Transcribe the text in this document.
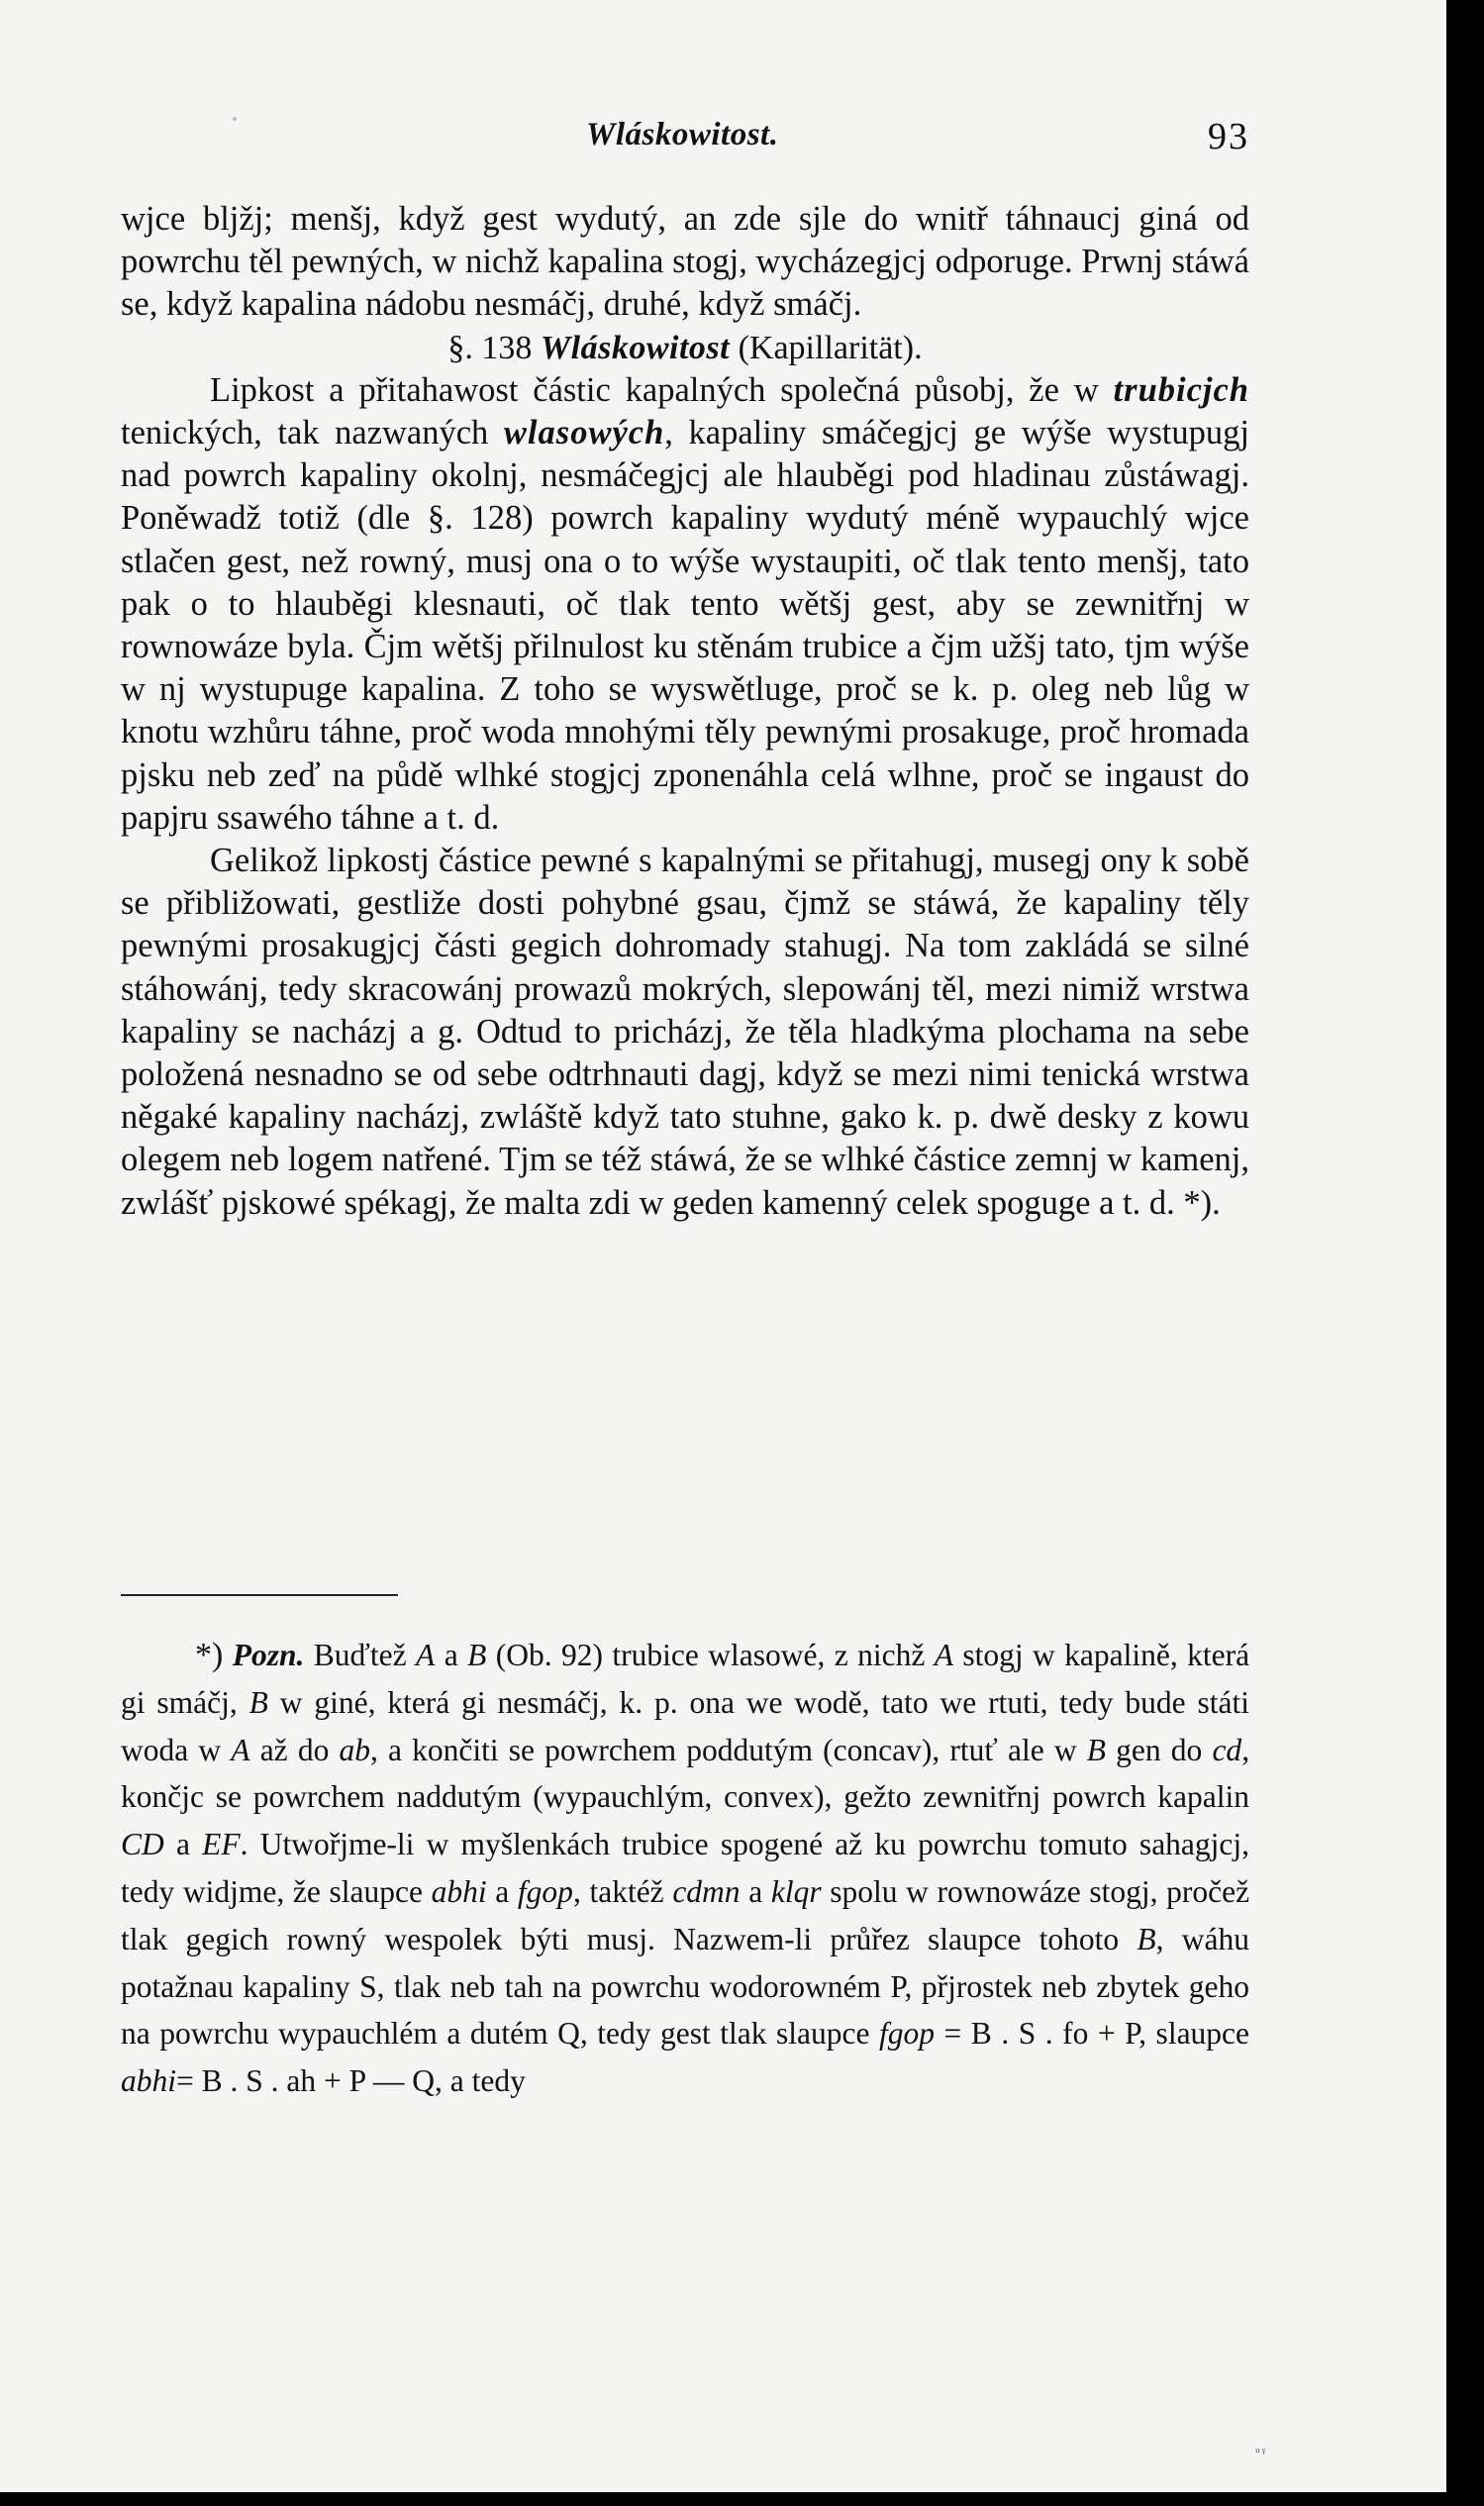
Wláskowitost.	93

wjce bljžj; menšj, když gest wydutý, an zde sjle do wnitř táhnaucj giná od powrchu těl pewných, w nichž kapalina stogj, wycházegjcj odporuge. Prwnj stáwá se, když kapalina nádobu nesmáčj, druhé, když smáčj.

§. 138 Wláskowitost (Kapillarität).

Lipkost a přitahawost částic kapalných společná působj, že w trubicjch tenických, tak nazwaných wlasowých, kapaliny smáčegjcj ge wýše wystupugj nad powrch kapaliny okolnj, nesmáčegjcj ale hlauběgi pod hladinau zůstáwagj. Poněwadž totiž (dle §. 128) powrch kapaliny wydutý méně wypauchlý wjce stlačen gest, než rowný, musj ona o to wýše wystaupiti, oč tlak tento menšj, tato pak o to hlauběgi klesnauti, oč tlak tento wětšj gest, aby se zewnitřnj w rownowáze byla. Čjm wětšj přilnulost ku stěnám trubice a čjm užšj tato, tjm wýše w nj wystupuge kapalina. Z toho se wyswětluge, proč se k. p. oleg neb lůg w knotu wzhůru táhne, proč woda mnohými těly pewnými prosakuge, proč hromada pjsku neb zeď na půdě wlhké stogjcj zponenáhla celá wlhne, proč se ingaust do papjru ssawého táhne a t. d.

Gelikož lipkostj částice pewné s kapalnými se přitahugj, musegj ony k sobě se přibližowati, gestliže dosti pohybné gsau, čjmž se stáwá, že kapaliny těly pewnými prosakugjcj části gegich dohromady stahugj. Na tom zakládá se silné stáhowánj, tedy skracowánj prowazů mokrých, slepowánj těl, mezi nimiž wrstwa kapaliny se nacházj a g. Odtud to pricházj, že těla hladkýma plochama na sebe položená nesnadno se od sebe odtrhnauti dagj, když se mezi nimi tenická wrstwa něgaké kapaliny nacházj, zwláště když tato stuhne, gako k. p. dwě desky z kowu olegem neb logem natřené. Tjm se též stáwá, že se wlhké částice zemnj w kamenj, zwlášť pjskowé spékagj, že malta zdi w geden kamenný celek spoguge a t. d. *).

*) Pozn. Buďtež A a B (Ob. 92) trubice wlasowé, z nichž A stogj w kapalině, která gi smáčj, B w giné, která gi nesmáčj, k. p. ona we wodě, tato we rtuti, tedy bude státi woda w A až do ab, a končiti se powrchem poddutým (concav), rtuť ale w B gen do cd, končjc se powrchem naddutým (wypauchlým, convex), gežto zewnitřnj powrch kapalin CD a EF. Utwořjme-li w myšlenkách trubice spogené až ku powrchu tomuto sahagjcj, tedy widjme, že slaupce abhi a fgop, taktéž cdmn a klqr spolu w rownowáze stogj, pročež tlak gegich rowný wespolek býti musj. Nazwem-li průřez slaupce tohoto B, wáhu potažnau kapaliny S, tlak neb tah na powrchu wodorowném P, přjrostek neb zbytek geho na powrchu wypauchlém a dutém Q, tedy gest tlak slaupce fgop = B . S . fo + P, slaupce abhi= B . S . ah + P — Q, a tedy

ᵘᵞ
